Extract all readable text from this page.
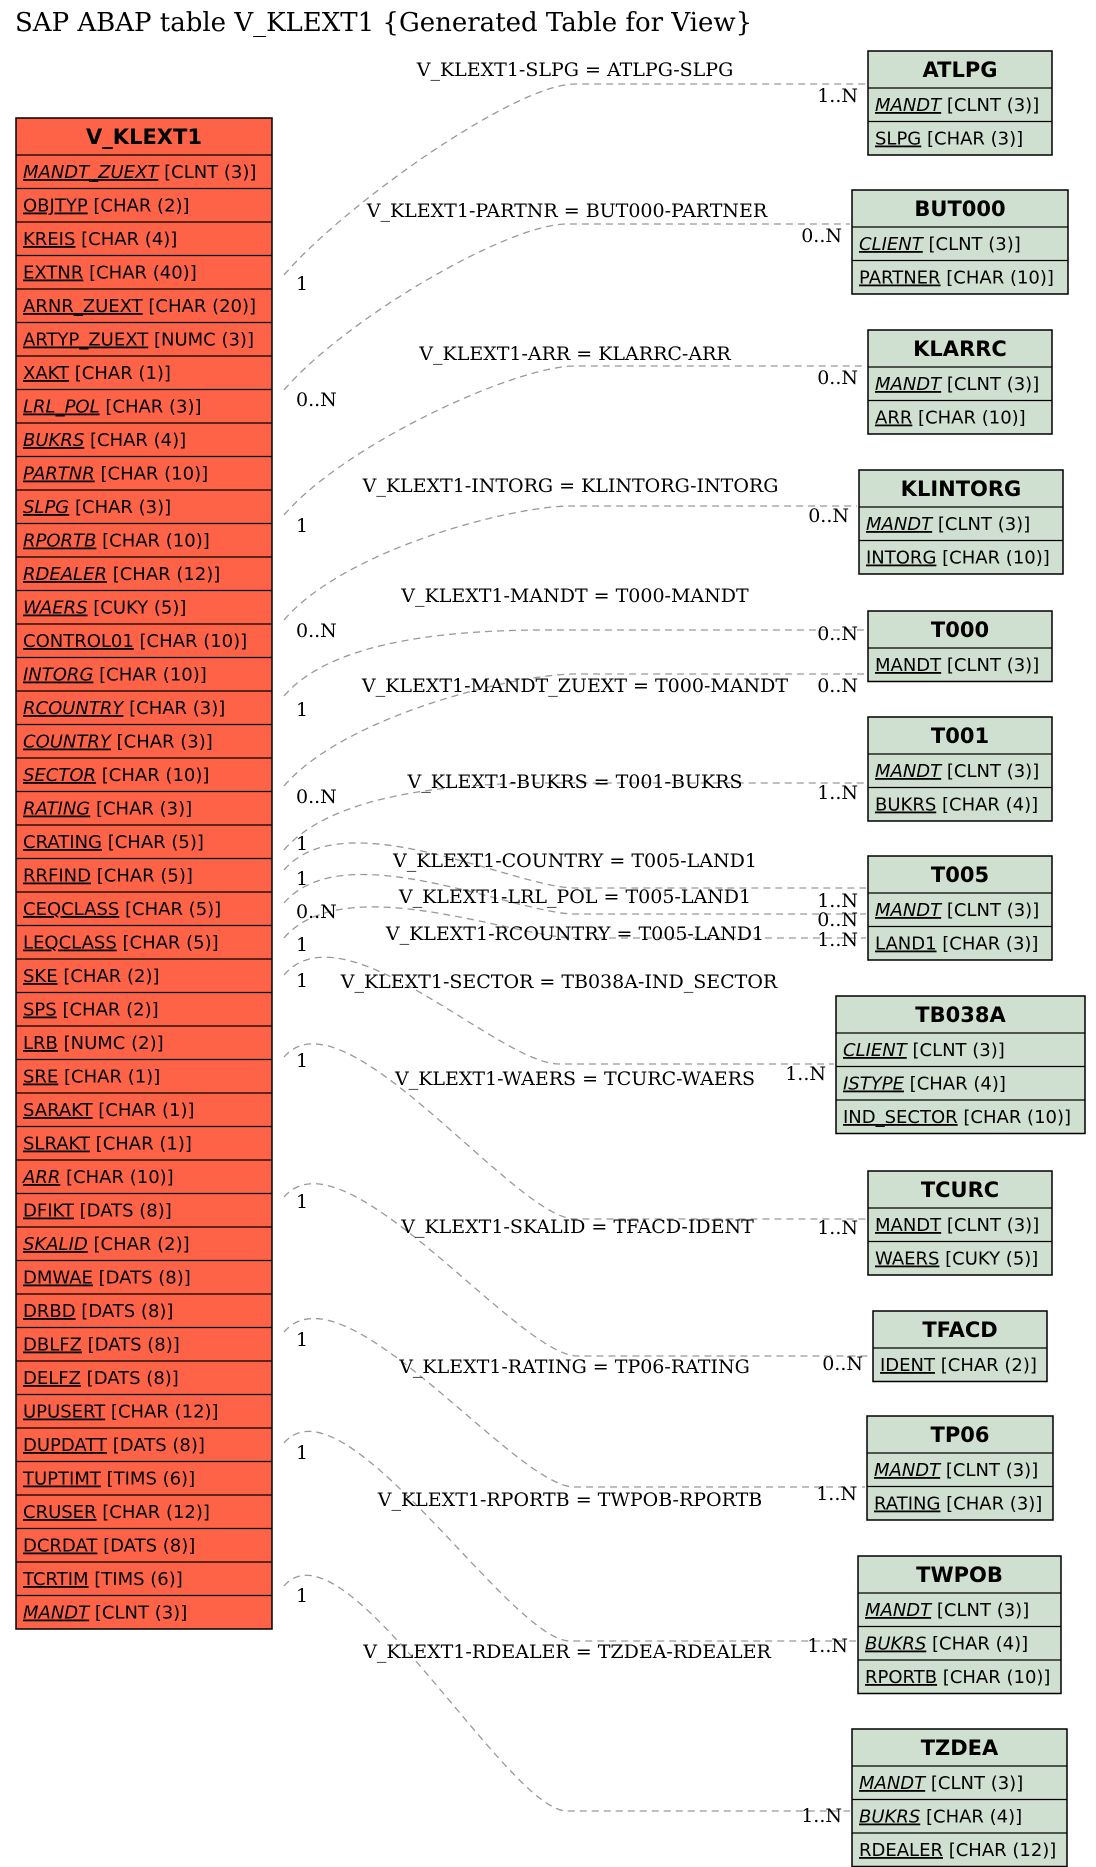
SAP ABAP table V_KLEXT1 {Generated Table for View}
V_KLEXT1-SLPG = ATLPG-SLPG
1
1..N
V_KLEXT1-PARTNR = BUT000-PARTNER
0..N
0..N
V_KLEXT1-ARR = KLARRC-ARR
1
0..N
V_KLEXT1-INTORG = KLINTORG-INTORG
0..N
0..N
V_KLEXT1-MANDT = T000-MANDT
1
0..N
V_KLEXT1-MANDT_ZUEXT = T000-MANDT
0..N
0..N
V_KLEXT1-BUKRS = T001-BUKRS
1
1..N
V_KLEXT1-COUNTRY = T005-LAND1
1
1..N
V_KLEXT1-LRL_POL = T005-LAND1
0..N	0..N
V_KLEXT1-RCOUNTRY = T005-LAND1
1	1..N
V_KLEXT1-SECTOR = TB038A-IND_SECTOR
1
1..N
V_KLEXT1-WAERS = TCURC-WAERS
1
1..N
V_KLEXT1-SKALID = TFACD-IDENT
1
0..N
V_KLEXT1-RATING = TP06-RATING
1
1..N
V_KLEXT1-RPORTB = TWPOB-RPORTB
1
1..N
V_KLEXT1-RDEALER = TZDEA-RDEALER
1
1..N
V_KLEXT1
MANDT_ZUEXT [CLNT (3)]
OBJTYP [CHAR (2)]
KREIS [CHAR (4)]
EXTNR [CHAR (40)]
ARNR_ZUEXT [CHAR (20)]
ARTYP_ZUEXT [NUMC (3)]
XAKT [CHAR (1)]
LRL_POL [CHAR (3)]
BUKRS [CHAR (4)]
PARTNR [CHAR (10)]
SLPG [CHAR (3)]
RPORTB [CHAR (10)]
RDEALER [CHAR (12)]
WAERS [CUKY (5)]
CONTROL01 [CHAR (10)]
INTORG [CHAR (10)]
RCOUNTRY [CHAR (3)]
COUNTRY [CHAR (3)]
SECTOR [CHAR (10)]
RATING [CHAR (3)]
CRATING [CHAR (5)]
RRFIND [CHAR (5)]
CEQCLASS [CHAR (5)]
LEQCLASS [CHAR (5)]
SKE [CHAR (2)]
SPS [CHAR (2)]
LRB [NUMC (2)]
SRE [CHAR (1)]
SARAKT [CHAR (1)]
SLRAKT [CHAR (1)]
ARR [CHAR (10)]
DFIKT [DATS (8)]
SKALID [CHAR (2)]
DMWAE [DATS (8)]
DRBD [DATS (8)]
DBLFZ [DATS (8)]
DELFZ [DATS (8)]
UPUSERT [CHAR (12)]
DUPDATT [DATS (8)]
TUPTIMT [TIMS (6)]
CRUSER [CHAR (12)]
DCRDAT [DATS (8)]
TCRTIM [TIMS (6)]
MANDT [CLNT (3)]
ATLPG
MANDT [CLNT (3)]
SLPG [CHAR (3)]
BUT000
CLIENT [CLNT (3)]
PARTNER [CHAR (10)]
KLARRC
MANDT [CLNT (3)]
ARR [CHAR (10)]
KLINTORG
MANDT [CLNT (3)]
INTORG [CHAR (10)]
T000
MANDT [CLNT (3)]
T001
MANDT [CLNT (3)]
BUKRS [CHAR (4)]
T005
MANDT [CLNT (3)]
LAND1 [CHAR (3)]
TB038A
CLIENT [CLNT (3)]
ISTYPE [CHAR (4)]
IND_SECTOR [CHAR (10)]
TCURC
MANDT [CLNT (3)]
WAERS [CUKY (5)]
TFACD
IDENT [CHAR (2)]
TP06
MANDT [CLNT (3)]
RATING [CHAR (3)]
TWPOB
MANDT [CLNT (3)]
BUKRS [CHAR (4)]
RPORTB [CHAR (10)]
TZDEA
MANDT [CLNT (3)]
BUKRS [CHAR (4)]
RDEALER [CHAR (12)]
